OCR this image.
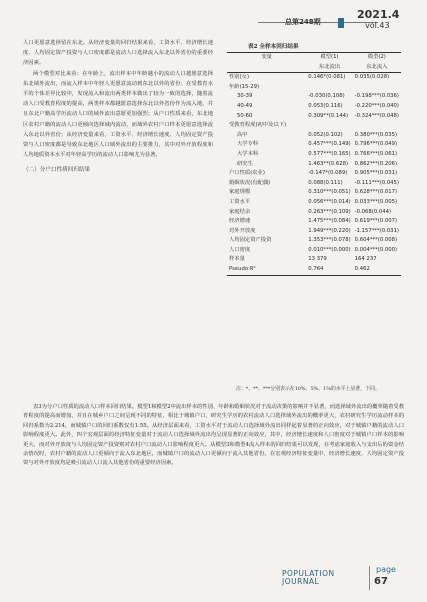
总第248期
2021.4
vol.43

人口更愿意选择留在东北。从经济变量的回归结果来看，工资水平、经济增长速度、人均固定资产投资与人口密度都是流动人口选择流入东北以外省份的重要经济因素。

两个模型对比来看：在年龄上，流出样本中年龄越小的流动人口越愿意选择东北域外流出，而流入样本中年轻人更愿意流动到东北以外的省份；在受教育水平的个体差异比较中，发现流入和流出两类样本做出了较为一致的选择，随着流动人口受教育程度的提高，两类样本都越愿意选择东北以外省份作为流入地，并且东北户籍高学历流动人口的域外流出意愿更加强烈；从户口性质来看，东北地区农村户籍的流动人口更倾向选择域内流动，而域外农村户口样本更愿意选择流入东北以外省份；从经济变量来看，工资水平、经济增长速度、人均固定资产投资与人口密度都是导致东北地区人口域外流出的主要推力，其中对外开放程度和人均地质资本水平对年轻高学历的流动人口影响尤为显著。

（二）分户口性质回归结果
表2 全样本回归结果
变量	模型(1)	模型(2)
	东北流出	东北流入
性别(女)	0.146*(0.081)	0.035(0.028)
年龄(15-29)		
30-39	-0.030(0.108)	-0.198***(0.036)
40-49	0.053(0.116)	-0.220***(0.040)
50-60	0.309**(0.144)	-0.324***(0.048)
受教育程度(初中及以下)		
高中	0.052(0.102)	0.380***(0.035)
大学专科	0.457***(0.149)	0.796***(0.049)
大学本科	0.577***(0.165)	0.766***(0.061)
研究生	1.463**(0.628)	0.862***(0.206)
户口性质(农业)	-0.147*(0.089)	0.905***(0.031)
婚姻状况(有配偶)	0.088(0.111)	-0.111***(0.045)
家庭规模	0.310***(0.051)	0.628***(0.017)
工资水平	0.056***(0.014)	0.033***(0.005)
家庭结余	0.263***(0.109)	-0.068(0.044)
经济增速	1.475***(0.084)	0.619***(0.007)
对外开放度	1.949***(0.220)	-1.157***(0.031)
人均固定资产投资	1.353***(0.078)	0.604***(0.008)
人口密度	0.010***(0.000)	0.004***(0.000)
样本量	13 379	164 237
Pseudo R²	0.764	0.462
注：*、**、***分别表示在10%、5%、1%的水平上显著，下同。

表3为分户口性质的流动人口样本回归结果。模型1和模型2中流出样本的性别、年龄和婚姻状况对于流动决策的影响并不显著，而选择域外流出的概率随着受教育程度的提高而增加，并且在城乡户口之间呈现不同的特征，相比于城镇户口，研究生学历的农村流动人口选择域外流出的概率更大，农村研究生学历流动样本的回归系数为2.214，而城镇户口的回归系数仅有1.55。从经济层面来看，工资水平对于流动人口选择域外流出同样起着显著的正向效应，对于城镇户籍的流动人口影响程度更大。此外，四个宏观层面的经济特征变量对于流动人口选择域外流出均呈现显著的正向效应，其中，经济增长速度和人口密度对于城镇户口样本的影响更大，而对外开放度与人均固定资产投资则对农村户口流动人口影响程度更大。从模型3和模型4流入样本的回归结果可以发现，在考虑家庭收入与支出后的资金结余情况时，农村户籍的流动人口更倾向于流入东北地区，而城镇户口的流动人口更倾向于流入其他省份。在宏观经济特征变量中，经济增长速度、人均固定资产投资与对外开放度均是吸引流动人口流入其他省份的重要经济因素。

POPULATION
JOURNAL
page
67
